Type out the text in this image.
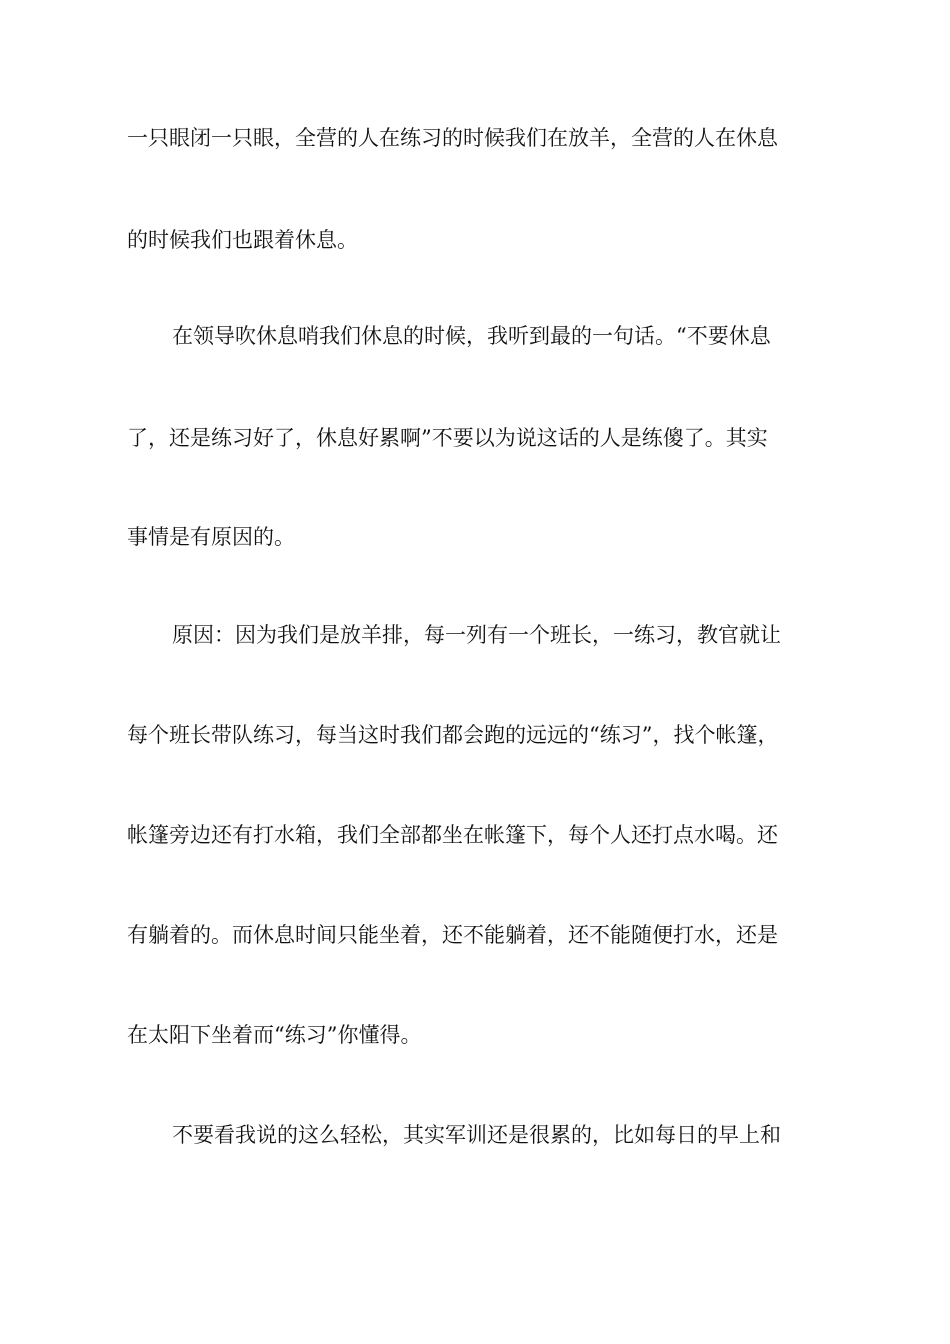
一只眼闭一只眼，全营的人在练习的时候我们在放羊，全营的人在休息
的时候我们也跟着休息。
在领导吹休息哨我们休息的时候，我听到最的一句话。“不要休息
了，还是练习好了，休息好累啊”不要以为说这话的人是练傻了。其实
事情是有原因的。
原因：因为我们是放羊排，每一列有一个班长，一练习，教官就让
每个班长带队练习，每当这时我们都会跑的远远的“练习”，找个帐篷，
帐篷旁边还有打水箱，我们全部都坐在帐篷下，每个人还打点水喝。还
有躺着的。而休息时间只能坐着，还不能躺着，还不能随便打水，还是
在太阳下坐着而“练习”你懂得。
不要看我说的这么轻松，其实军训还是很累的，比如每日的早上和
